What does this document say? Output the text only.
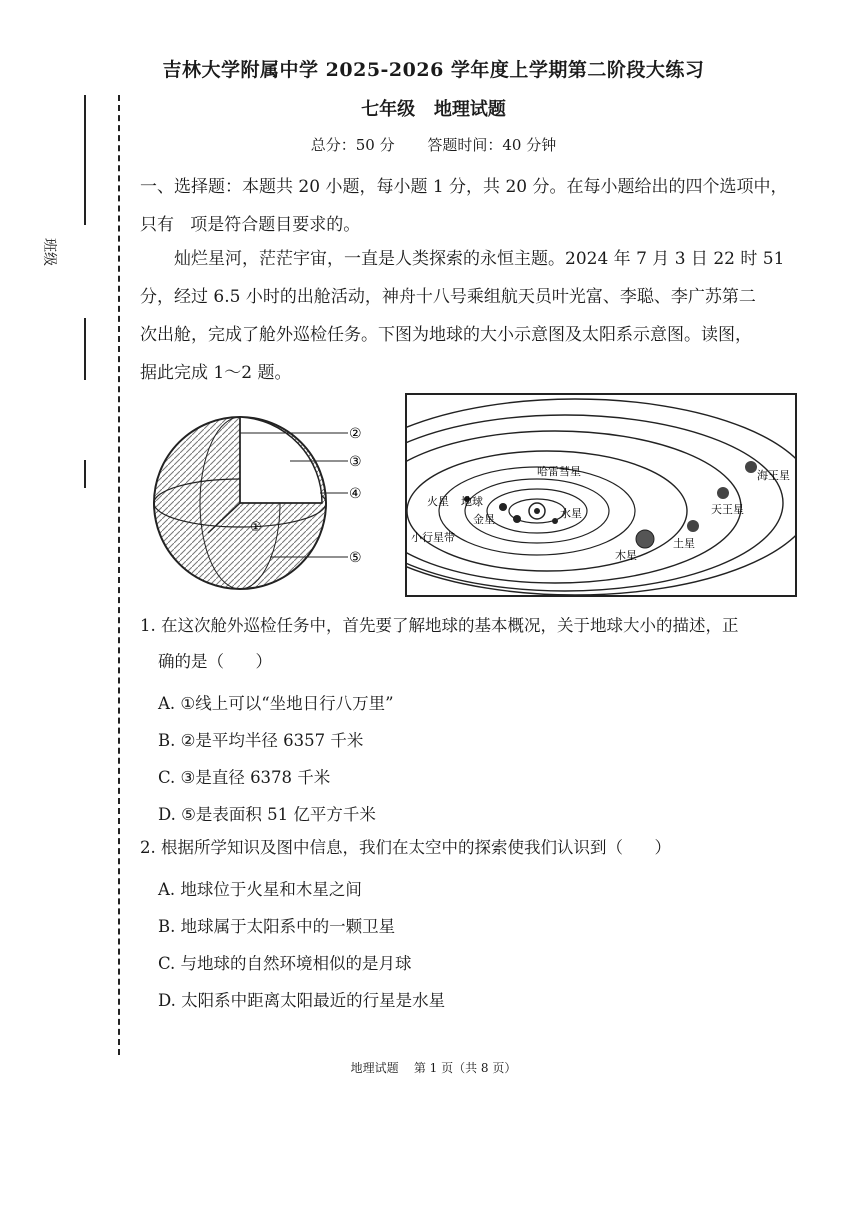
班级
吉林大学附属中学 2025-2026 学年度上学期第二阶段大练习
七年级   地理试题
总分：50 分 答题时间：40 分钟
一、选择题：本题共 20 小题，每小题 1 分，共 20 分。在每小题给出的四个选项中，
只有   项是符合题目要求的。
灿烂星河，茫茫宇宙，一直是人类探索的永恒主题。2024 年 7 月 3 日 22 时 51
分，经过 6.5 小时的出舱活动，神舟十八号乘组航天员叶光富、李聪、李广苏第二
次出舱，完成了舱外巡检任务。下图为地球的大小示意图及太阳系示意图。读图，
据此完成 1～2 题。
①
②
③
④
⑤
水星
金星
地球
火星
木星
土星
天王星
海王星
小行星带
哈雷彗星
1. 在这次舱外巡检任务中，首先要了解地球的基本概况，关于地球大小的描述，正
确的是（      ）
A. ①线上可以“坐地日行八万里”
B. ②是平均半径 6357 千米
C. ③是直径 6378 千米
D. ⑤是表面积 51 亿平方千米
2. 根据所学知识及图中信息，我们在太空中的探索使我们认识到（      ）
A. 地球位于火星和木星之间
B. 地球属于太阳系中的一颗卫星
C. 与地球的自然环境相似的是月球
D. 太阳系中距离太阳最近的行星是水星
地理试题    第 1 页（共 8 页）
